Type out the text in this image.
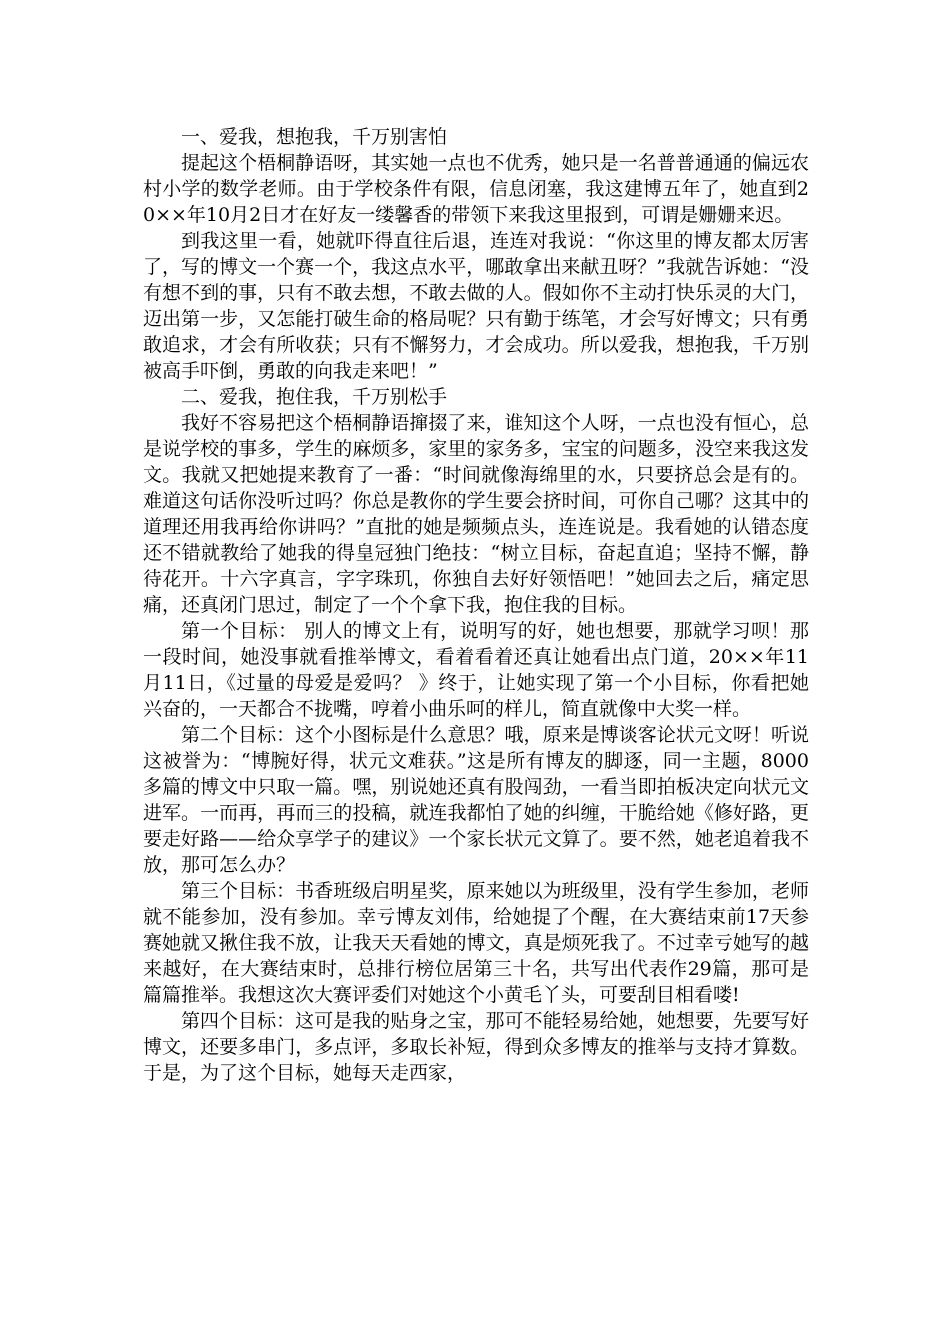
一、爱我，想抱我，千万别害怕

提起这个梧桐静语呀，其实她一点也不优秀，她只是一名普普通通的偏远农村小学的数学老师。由于学校条件有限，信息闭塞，我这建博五年了，她直到20××年10月2日才在好友一缕馨香的带领下来我这里报到，可谓是姗姗来迟。

到我这里一看，她就吓得直往后退，连连对我说：“你这里的博友都太厉害了，写的博文一个赛一个，我这点水平，哪敢拿出来献丑呀？”我就告诉她：“没有想不到的事，只有不敢去想，不敢去做的人。假如你不主动打快乐灵的大门，迈出第一步，又怎能打破生命的格局呢？只有勤于练笔，才会写好博文；只有勇敢追求，才会有所收获；只有不懈努力，才会成功。所以爱我，想抱我，千万别被高手吓倒，勇敢的向我走来吧！”

二、爱我，抱住我，千万别松手

我好不容易把这个梧桐静语撺掇了来，谁知这个人呀，一点也没有恒心，总是说学校的事多，学生的麻烦多，家里的家务多，宝宝的问题多，没空来我这发文。我就又把她提来教育了一番：“时间就像海绵里的水，只要挤总会是有的。难道这句话你没听过吗？你总是教你的学生要会挤时间，可你自己哪？这其中的道理还用我再给你讲吗？”直批的她是频频点头，连连说是。我看她的认错态度还不错就教给了她我的得皇冠独门绝技：“树立目标，奋起直追；坚持不懈，静待花开。十六字真言，字字珠玑，你独自去好好领悟吧！”她回去之后，痛定思痛，还真闭门思过，制定了一个个拿下我，抱住我的目标。

第一个目标： 别人的博文上有，说明写的好，她也想要，那就学习呗！那一段时间，她没事就看推举博文，看着看着还真让她看出点门道，20××年11月11日，《过量的母爱是爱吗？ 》终于，让她实现了第一个小目标，你看把她兴奋的，一天都合不拢嘴，哼着小曲乐呵的样儿，简直就像中大奖一样。

第二个目标：这个小图标是什么意思？哦，原来是博谈客论状元文呀！听说这被誉为：“博腕好得，状元文难获。”这是所有博友的脚逐，同一主题，8000多篇的博文中只取一篇。嘿，别说她还真有股闯劲，一看当即拍板决定向状元文进军。一而再，再而三的投稿，就连我都怕了她的纠缠，干脆给她《修好路，更要走好路——给众享学子的建议》一个家长状元文算了。要不然，她老追着我不放，那可怎么办？

第三个目标：书香班级启明星奖，原来她以为班级里，没有学生参加，老师就不能参加，没有参加。幸亏博友刘伟，给她提了个醒，在大赛结束前17天参赛她就又揪住我不放，让我天天看她的博文，真是烦死我了。不过幸亏她写的越来越好，在大赛结束时，总排行榜位居第三十名，共写出代表作29篇，那可是篇篇推举。我想这次大赛评委们对她这个小黄毛丫头，可要刮目相看喽!

第四个目标：这可是我的贴身之宝，那可不能轻易给她，她想要，先要写好博文，还要多串门，多点评，多取长补短，得到众多博友的推举与支持才算数。于是，为了这个目标，她每天走西家，
